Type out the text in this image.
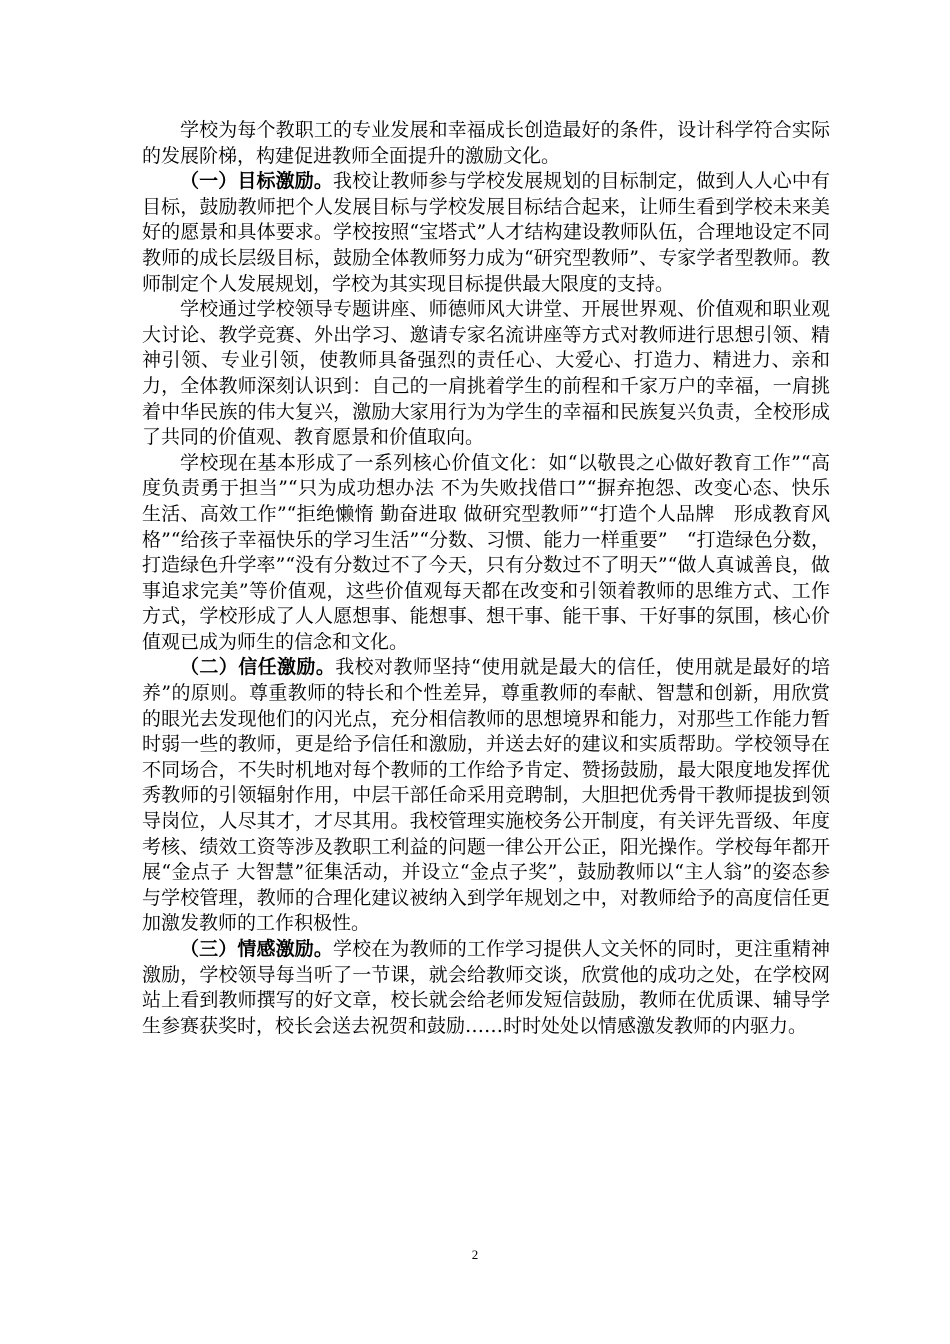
学校为每个教职工的专业发展和幸福成长创造最好的条件，设计科学符合实际的发展阶梯，构建促进教师全面提升的激励文化。

（一）目标激励。我校让教师参与学校发展规划的目标制定，做到人人心中有目标，鼓励教师把个人发展目标与学校发展目标结合起来，让师生看到学校未来美好的愿景和具体要求。学校按照“宝塔式”人才结构建设教师队伍，合理地设定不同教师的成长层级目标，鼓励全体教师努力成为“研究型教师”、专家学者型教师。教师制定个人发展规划，学校为其实现目标提供最大限度的支持。

学校通过学校领导专题讲座、师德师风大讲堂、开展世界观、价值观和职业观大讨论、教学竞赛、外出学习、邀请专家名流讲座等方式对教师进行思想引领、精神引领、专业引领，使教师具备强烈的责任心、大爱心、打造力、精进力、亲和力，全体教师深刻认识到：自己的一肩挑着学生的前程和千家万户的幸福，一肩挑着中华民族的伟大复兴，激励大家用行为为学生的幸福和民族复兴负责，全校形成了共同的价值观、教育愿景和价值取向。

学校现在基本形成了一系列核心价值文化：如“以敬畏之心做好教育工作”“高度负责勇于担当”“只为成功想办法 不为失败找借口”“摒弃抱怨、改变心态、快乐生活、高效工作”“拒绝懒惰 勤奋进取 做研究型教师”“打造个人品牌　形成教育风格”“给孩子幸福快乐的学习生活”“分数、习惯、能力一样重要”　“打造绿色分数，打造绿色升学率”“没有分数过不了今天，只有分数过不了明天”“做人真诚善良，做事追求完美”等价值观，这些价值观每天都在改变和引领着教师的思维方式、工作方式，学校形成了人人愿想事、能想事、想干事、能干事、干好事的氛围，核心价值观已成为师生的信念和文化。

（二）信任激励。我校对教师坚持“使用就是最大的信任，使用就是最好的培养”的原则。尊重教师的特长和个性差异，尊重教师的奉献、智慧和创新，用欣赏的眼光去发现他们的闪光点，充分相信教师的思想境界和能力，对那些工作能力暂时弱一些的教师，更是给予信任和激励，并送去好的建议和实质帮助。学校领导在不同场合，不失时机地对每个教师的工作给予肯定、赞扬鼓励，最大限度地发挥优秀教师的引领辐射作用，中层干部任命采用竞聘制，大胆把优秀骨干教师提拔到领导岗位，人尽其才，才尽其用。我校管理实施校务公开制度，有关评先晋级、年度考核、绩效工资等涉及教职工利益的问题一律公开公正，阳光操作。学校每年都开展“金点子 大智慧”征集活动，并设立“金点子奖”，鼓励教师以“主人翁”的姿态参与学校管理，教师的合理化建议被纳入到学年规划之中，对教师给予的高度信任更加激发教师的工作积极性。

（三）情感激励。学校在为教师的工作学习提供人文关怀的同时，更注重精神激励，学校领导每当听了一节课，就会给教师交谈，欣赏他的成功之处，在学校网站上看到教师撰写的好文章，校长就会给老师发短信鼓励，教师在优质课、辅导学生参赛获奖时，校长会送去祝贺和鼓励……时时处处以情感激发教师的内驱力。

2
